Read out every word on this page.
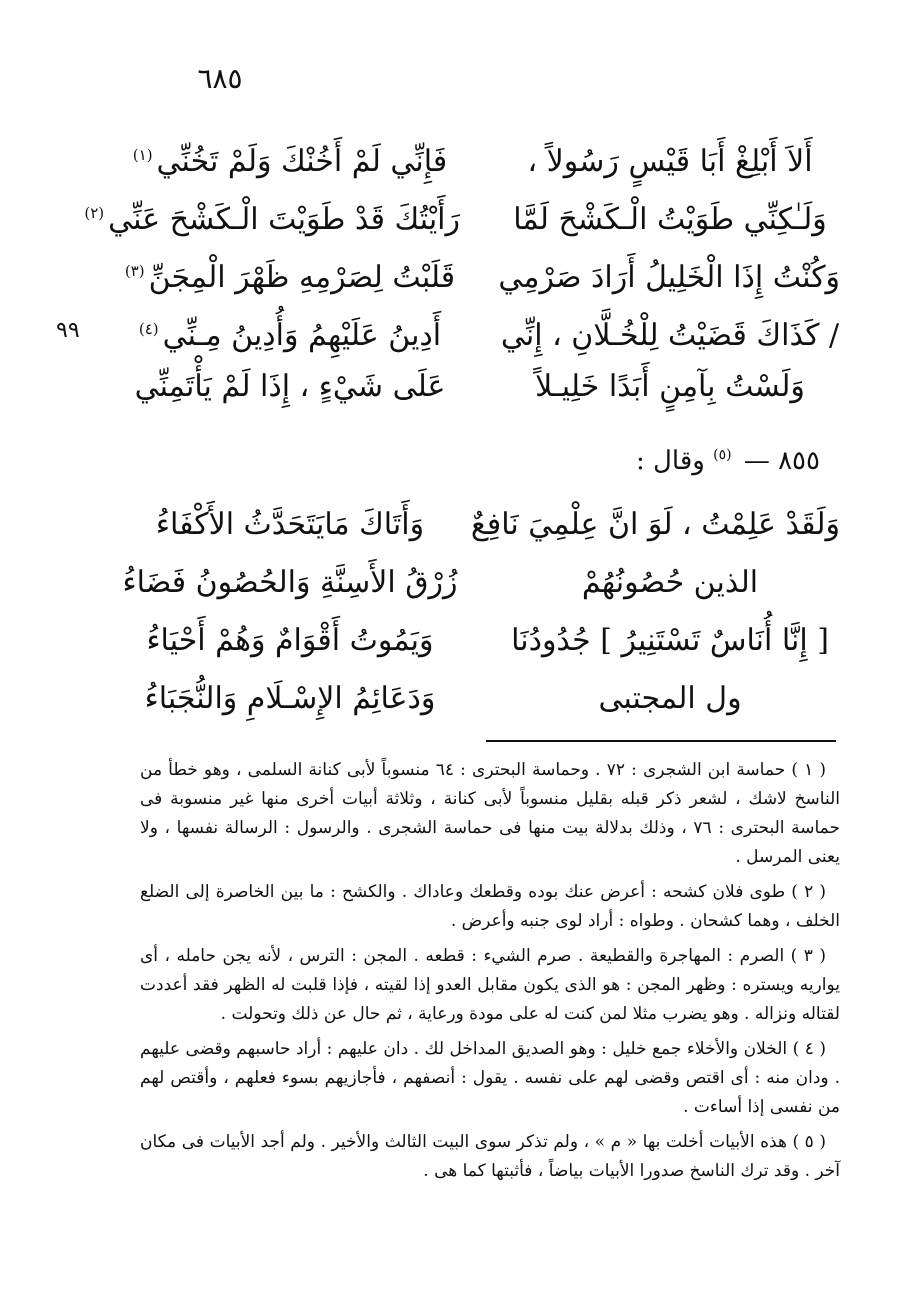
٦٨٥
٩٩
أَلاَ أَبْلِغْ أَبَا قَيْسٍ رَسُولاً ،
فَإِنِّي لَمْ أَخُنْكَ وَلَمْ تَخُنِّي$^{(١)}$
وَلَـٰكِنِّي طَوَيْتُ الْـكَشْحَ لَمَّا
رَأَيْتُكَ قَدْ طَوَيْتَ الْـكَشْحَ عَنِّي$^{(٢)}$
وَكُنْتُ إِذَا الْخَلِيلُ أَرَادَ صَرْمِي
قَلَبْتُ لِصَرْمِهِ ظَهْرَ الْمِجَنِّ$^{(٣)}$
/ كَذَاكَ قَضَيْتُ لِلْخُـلَّانِ ، إِنِّي
أَدِينُ عَلَيْهِمُ وَأُدِينُ مِـنِّي$^{(٤)}$
وَلَسْتُ بِآمِنٍ أَبَدًا خَلِيـلاً
عَلَى شَيْءٍ ، إِذَا لَمْ يَأْتَمِنِّي
٨٥٥ — $^{(٥)}$ وقال :
وَلَقَدْ عَلِمْتُ ، لَوَ انَّ عِلْمِيَ نَافِعٌ
وَأَتَاكَ مَايَتَحَدَّثُ الأَكْفَاءُ
الذين حُصُونُهُمْ
زُرْقُ الأَسِنَّةِ وَالحُصُونُ فَضَاءُ
[ إِنَّا أُنَاسٌ تَسْتَنِيرُ ] جُدُودُنَا
وَيَمُوتُ أَقْوَامٌ وَهُمْ أَحْيَاءُ
ول المجتبى
وَدَعَائِمُ الإِسْـلَامِ وَالنُّجَبَاءُ

( ١ ) حماسة ابن الشجرى : ٧٢ . وحماسة البحترى : ٦٤ منسوباً لأبى كنانة السلمى ، وهو خطأ من الناسخ لاشك ، لشعر ذكر قبله بقليل منسوباً لأبى كنانة ، وثلاثة أبيات أخرى منها غير منسوبة فى حماسة البحترى : ٧٦ ، وذلك بدلالة بيت منها فى حماسة الشجرى . والرسول : الرسالة نفسها ، ولا يعنى المرسل .

( ٢ ) طوى فلان كشحه : أعرض عنك بوده وقطعك وعاداك . والكشح : ما بين الخاصرة إلى الضلع الخلف ، وهما كشحان . وطواه : أراد لوى جنبه وأعرض .

( ٣ ) الصرم : المهاجرة والقطيعة . صرم الشيء : قطعه . المجن : الترس ، لأنه يجن حامله ، أى يواريه ويستره : وظهر المجن : هو الذى يكون مقابل العدو إذا لقيته ، فإذا قلبت له الظهر فقد أعددت لقتاله ونزاله . وهو يضرب مثلا لمن كنت له على مودة ورعاية ، ثم حال عن ذلك وتحولت .

( ٤ ) الخلان والأخلاء جمع خليل : وهو الصديق المداخل لك . دان عليهم : أراد حاسبهم وقضى عليهم . ودان منه : أى اقتص وقضى لهم على نفسه . يقول : أنصفهم ، فأجازيهم بسوء فعلهم ، وأقتص لهم من نفسى إذا أساءت .

( ٥ ) هذه الأبيات أخلت بها « م » ، ولم تذكر سوى البيت الثالث والأخير . ولم أجد الأبيات فى مكان آخر . وقد ترك الناسخ صدورا الأبيات بياضاً ، فأثبتها كما هى .
